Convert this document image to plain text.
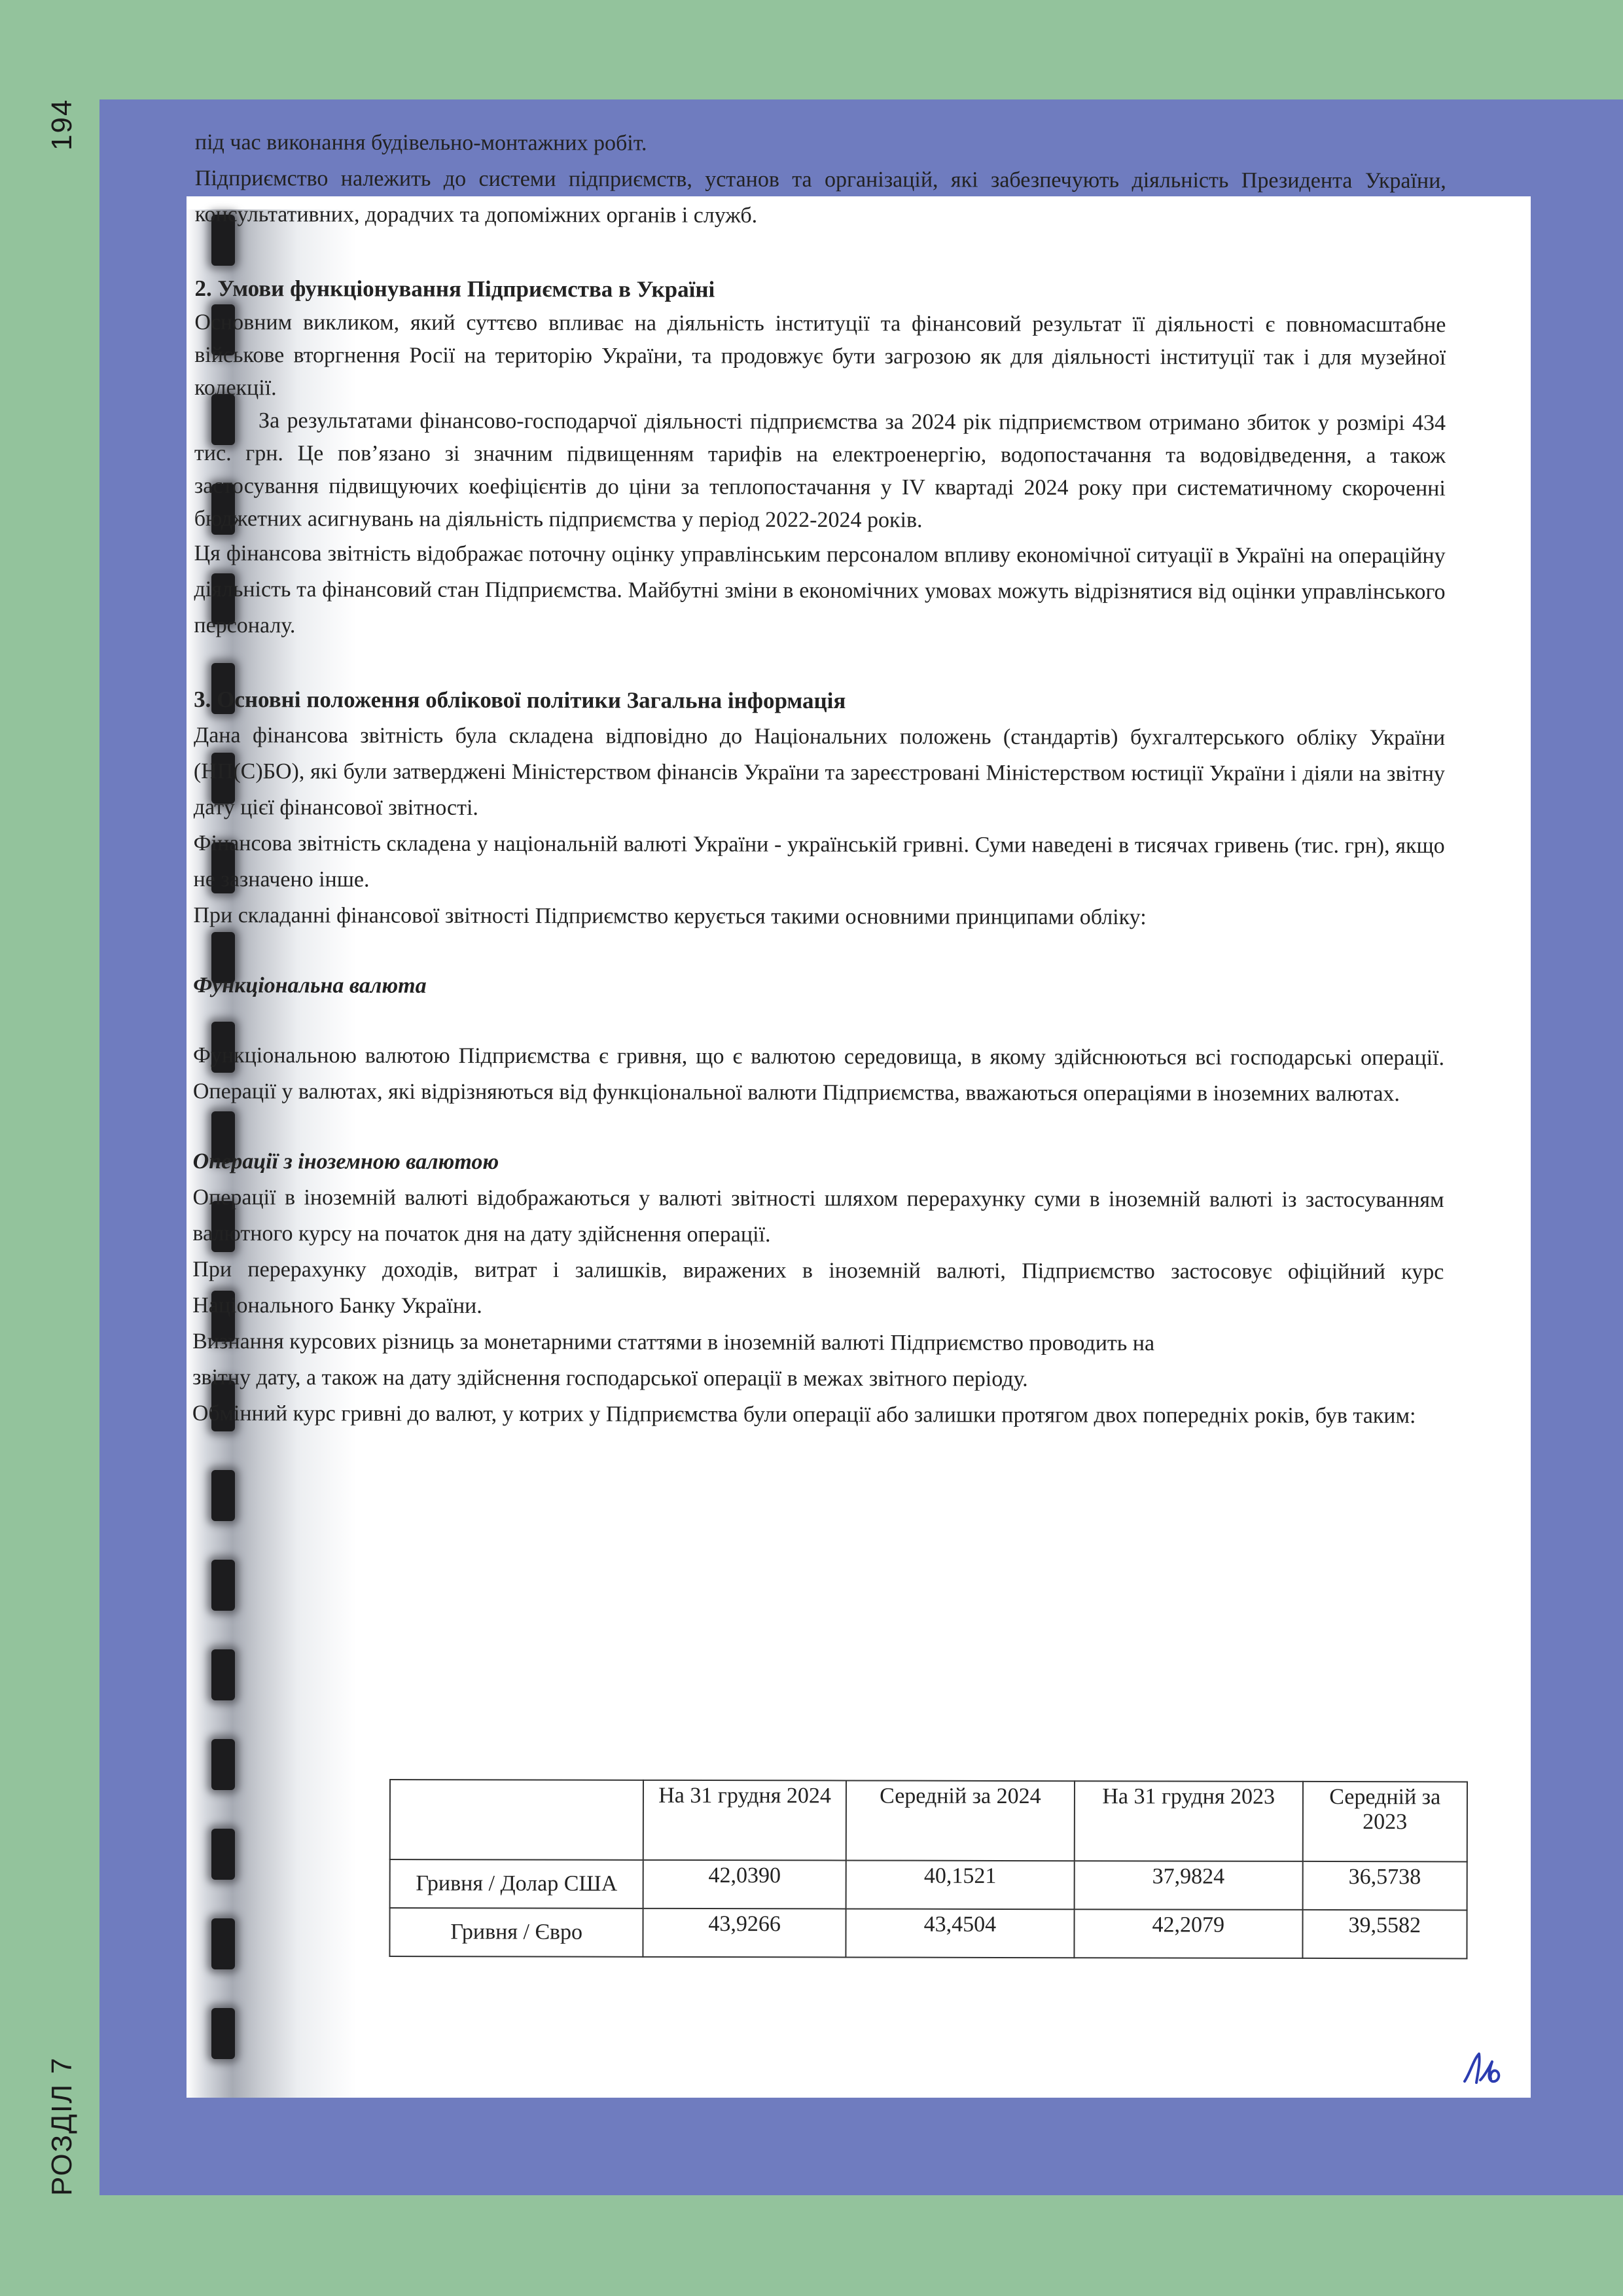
194
РОЗДІЛ 7

під час виконання будівельно-монтажних робіт.

Підприємство належить до системи підприємств, установ та організацій, які забезпечують діяльність Президента України, консультативних, дорадчих та допоміжних органів і служб.

2. Умови функціонування Підприємства в Україні

Основним викликом, який суттєво впливає на діяльність інституції та фінансовий результат її діяльності є повномасштабне військове вторгнення Росії на територію України, та продовжує бути загрозою як для діяльності інституції так і для музейної колекції.

За результатами фінансово-господарчої діяльності підприємства за 2024 рік підприємством отримано збиток у розмірі 434 тис. грн. Це пов’язано зі значним підвищенням тарифів на електроенергію, водопостачання та водовідведення, а також застосування підвищуючих коефіцієнтів до ціни за теплопостачання у IV квартаді 2024 року при систематичному скороченні бюджетних асигнувань на діяльність підприємства у період 2022-2024 років.

Ця фінансова звітність відображає поточну оцінку управлінським персоналом впливу економічної ситуації в Україні на операційну діяльність та фінансовий стан Підприємства. Майбутні зміни в економічних умовах можуть відрізнятися від оцінки управлінського персоналу.

3. Основні положення облікової політики Загальна інформація

Дана фінансова звітність була складена відповідно до Національних положень (стандартів) бухгалтерського обліку України (НП(С)БО), які були затверджені Міністерством фінансів України та зареєстровані Міністерством юстиції України і діяли на звітну дату цієї фінансової звітності.

Фінансова звітність складена у національній валюті України - українській гривні. Суми наведені в тисячах гривень (тис. грн), якщо не зазначено інше.

При складанні фінансової звітності Підприємство керується такими основними принципами обліку:

Функціональна валюта

Функціональною валютою Підприємства є гривня, що є валютою середовища, в якому здійснюються всі господарські операції. Операції у валютах, які відрізняються від функціональної валюти Підприємства, вважаються операціями в іноземних валютах.

Операції з іноземною валютою

Операції в іноземній валюті відображаються у валюті звітності шляхом перерахунку суми в іноземній валюті із застосуванням валютного курсу на початок дня на дату здійснення операції.

При перерахунку доходів, витрат і залишків, виражених в іноземній валюті, Підприємство застосовує офіційний курс Національного Банку України.

Визнання курсових різниць за монетарними статтями в іноземній валюті Підприємство проводить на

звітну дату, а також на дату здійснення господарської операції в межах звітного періоду.

Обмінний курс гривні до валют, у котрих у Підприємства були операції або залишки протягом двох попередніх років, був таким:

	На 31 грудня 2024	Середній за 2024	На 31 грудня 2023	Середній за 2023
Гривня / Долар США	42,0390	40,1521	37,9824	36,5738
Гривня / Євро	43,9266	43,4504	42,2079	39,5582
